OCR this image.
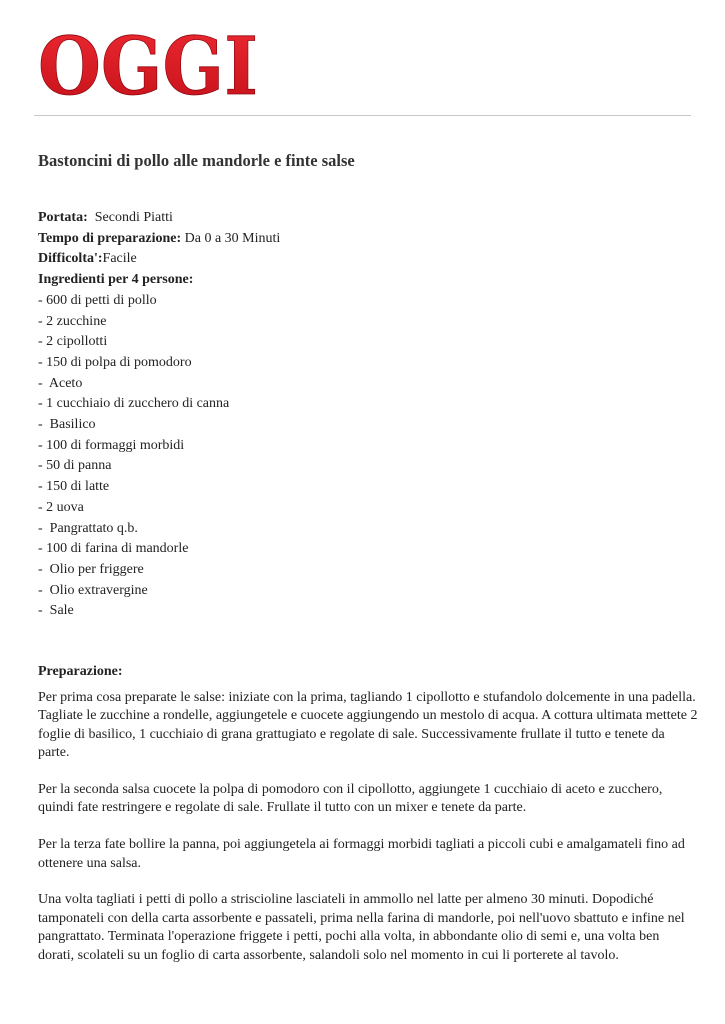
OGGI
Bastoncini di pollo alle mandorle e finte salse
Portata: Secondi Piatti
Tempo di preparazione: Da 0 a 30 Minuti
Difficolta':Facile
Ingredienti per 4 persone:
- 600 di petti di pollo
- 2 zucchine
- 2 cipollotti
- 150 di polpa di pomodoro
-  Aceto
- 1 cucchiaio di zucchero di canna
-  Basilico
- 100 di formaggi morbidi
- 50 di panna
- 150 di latte
- 2 uova
-  Pangrattato q.b.
- 100 di farina di mandorle
-  Olio per friggere
-  Olio extravergine
-  Sale
Preparazione:

Per prima cosa preparate le salse: iniziate con la prima, tagliando 1 cipollotto e stufandolo dolcemente in una padella. Tagliate le zucchine a rondelle, aggiungetele e cuocete aggiungendo un mestolo di acqua. A cottura ultimata mettete 2 foglie di basilico, 1 cucchiaio di grana grattugiato e regolate di sale. Successivamente frullate il tutto e tenete da parte.

Per la seconda salsa cuocete la polpa di pomodoro con il cipollotto, aggiungete 1 cucchiaio di aceto e zucchero, quindi fate restringere e regolate di sale. Frullate il tutto con un mixer e tenete da parte.

Per la terza fate bollire la panna, poi aggiungetela ai formaggi morbidi tagliati a piccoli cubi e amalgamateli fino ad ottenere una salsa.

Una volta tagliati i petti di pollo a striscioline lasciateli in ammollo nel latte per almeno 30 minuti. Dopodiché tamponateli con della carta assorbente e passateli, prima nella farina di mandorle, poi nell'uovo sbattuto e infine nel pangrattato. Terminata l'operazione friggete i petti, pochi alla volta, in abbondante olio di semi e, una volta ben dorati, scolateli su un foglio di carta assorbente, salandoli solo nel momento in cui li porterete al tavolo.
